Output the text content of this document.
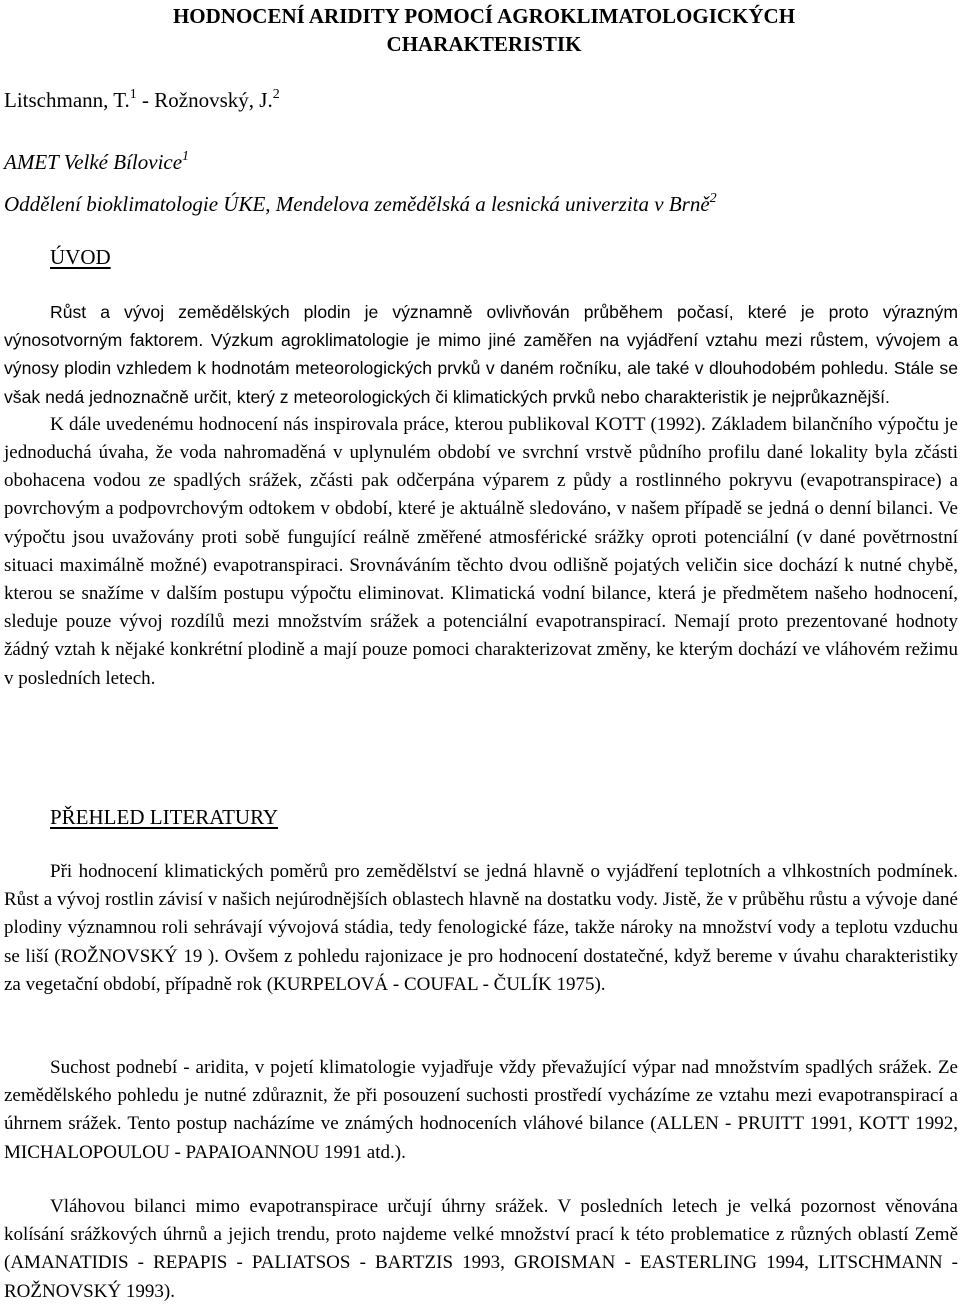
HODNOCENÍ ARIDITY POMOCÍ AGROKLIMATOLOGICKÝCH
CHARAKTERISTIK
Litschmann, T.$^1$ - Rožnovský, J.$^2$
AMET Velké Bílovice$^1$
Oddělení bioklimatologie ÚKE, Mendelova zemědělská a lesnická univerzita v Brně$^2$
ÚVOD

Růst a vývoj zemědělských plodin je významně ovlivňován průběhem počasí, které je proto výrazným výnosotvorným faktorem. Výzkum agroklimatologie je mimo jiné zaměřen na vyjádření vztahu mezi růstem, vývojem a výnosy plodin vzhledem k hodnotám meteorologických prvků v daném ročníku, ale také v dlouhodobém pohledu. Stále se však nedá jednoznačně určit, který z meteorologických či klimatických prvků nebo charakteristik je nejprůkaznější.

K dále uvedenému hodnocení nás inspirovala práce, kterou publikoval KOTT (1992). Základem bilančního výpočtu je jednoduchá úvaha, že voda nahromaděná v uplynulém období ve svrchní vrstvě půdního profilu dané lokality byla zčásti obohacena vodou ze spadlých srážek, zčásti pak odčerpána výparem z půdy a rostlinného pokryvu (evapotranspirace) a povrchovým a podpovrchovým odtokem v období, které je aktuálně sledováno, v našem případě se jedná o denní bilanci. Ve výpočtu jsou uvažovány proti sobě fungující reálně změřené atmosférické srážky oproti potenciální (v dané povětrnostní situaci maximálně možné) evapotranspiraci. Srovnáváním těchto dvou odlišně pojatých veličin sice dochází k nutné chybě, kterou se snažíme v dalším postupu výpočtu eliminovat. Klimatická vodní bilance, která je předmětem našeho hodnocení, sleduje pouze vývoj rozdílů mezi množstvím srážek a potenciální evapotranspirací. Nemají proto prezentované hodnoty žádný vztah k nějaké konkrétní plodině a mají pouze pomoci charakterizovat změny, ke kterým dochází ve vláhovém režimu v posledních letech.

PŘEHLED LITERATURY

Při hodnocení klimatických poměrů pro zemědělství se jedná hlavně o vyjádření teplotních a vlhkostních podmínek. Růst a vývoj rostlin závisí v našich nejúrodnějších oblastech hlavně na dostatku vody. Jistě, že v průběhu růstu a vývoje dané plodiny významnou roli sehrávají vývojová stádia, tedy fenologické fáze, takže nároky na množství vody a teplotu vzduchu se liší (ROŽNOVSKÝ 19 ). Ovšem z pohledu rajonizace je pro hodnocení dostatečné, když bereme v úvahu charakteristiky za vegetační období, případně rok (KURPELOVÁ - COUFAL - ČULÍK 1975).

Suchost podnebí - aridita, v pojetí klimatologie vyjadřuje vždy převažující výpar nad množstvím spadlých srážek. Ze zemědělského pohledu je nutné zdůraznit, že při posouzení suchosti prostředí vycházíme ze vztahu mezi evapotranspirací a úhrnem srážek. Tento postup nacházíme ve známých hodnoceních vláhové bilance (ALLEN - PRUITT 1991, KOTT 1992, MICHALOPOULOU - PAPAIOANNOU 1991 atd.).

Vláhovou bilanci mimo evapotranspirace určují úhrny srážek. V posledních letech je velká pozornost věnována kolísání srážkových úhrnů a jejich trendu, proto najdeme velké množství prací k této problematice z různých oblastí Země (AMANATIDIS - REPAPIS - PALIATSOS - BARTZIS 1993, GROISMAN - EASTERLING 1994, LITSCHMANN - ROŽNOVSKÝ 1993).
